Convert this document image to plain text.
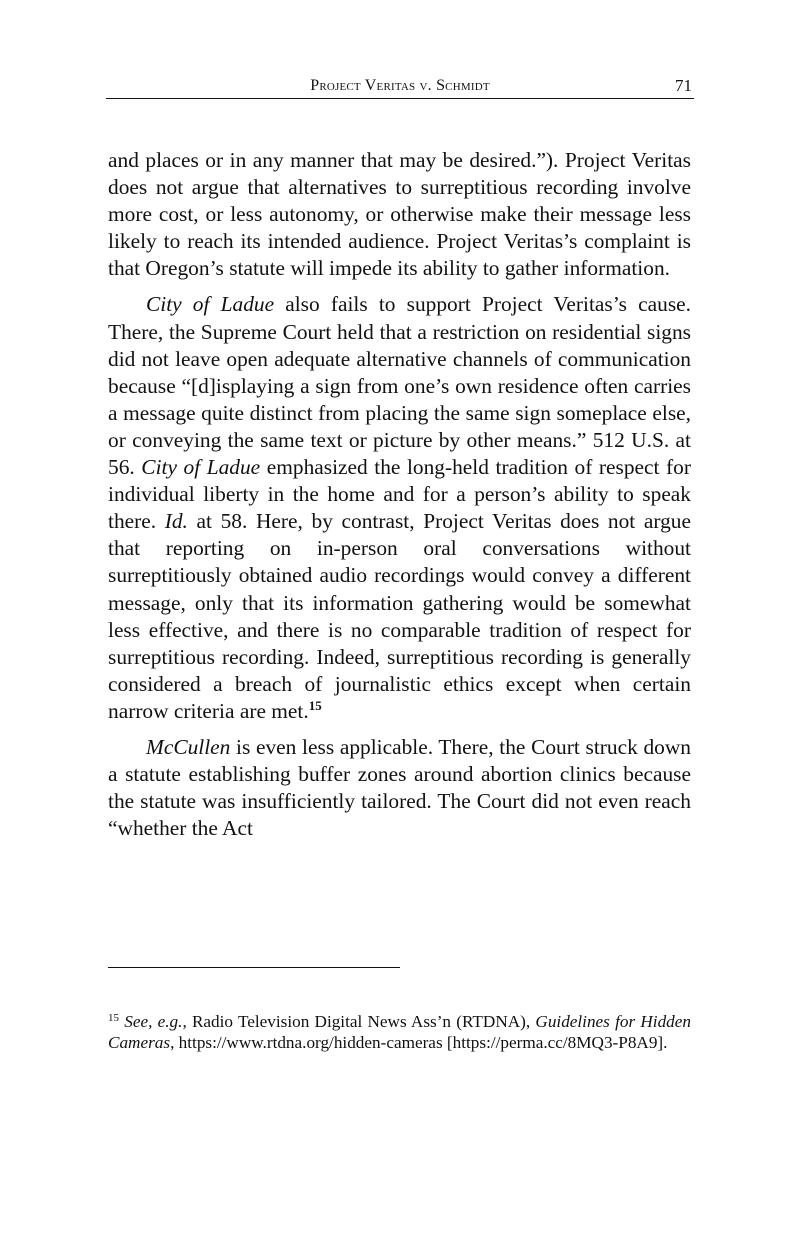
Project Veritas v. Schmidt	71

and places or in any manner that may be desired.”). Project Veritas does not argue that alternatives to surreptitious recording involve more cost, or less autonomy, or otherwise make their message less likely to reach its intended audience. Project Veritas’s complaint is that Oregon’s statute will impede its ability to gather information.

City of Ladue also fails to support Project Veritas’s cause. There, the Supreme Court held that a restriction on residential signs did not leave open adequate alternative channels of communication because “[d]isplaying a sign from one’s own residence often carries a message quite distinct from placing the same sign someplace else, or conveying the same text or picture by other means.” 512 U.S. at 56. City of Ladue emphasized the long-held tradition of respect for individual liberty in the home and for a person’s ability to speak there. Id. at 58. Here, by contrast, Project Veritas does not argue that reporting on in-person oral conversations without surreptitiously obtained audio recordings would convey a different message, only that its information gathering would be somewhat less effective, and there is no comparable tradition of respect for surreptitious recording. Indeed, surreptitious recording is generally considered a breach of journalistic ethics except when certain narrow criteria are met.$^{15}$

McCullen is even less applicable. There, the Court struck down a statute establishing buffer zones around abortion clinics because the statute was insufficiently tailored. The Court did not even reach “whether the Act

$^{15}$ See, e.g., Radio Television Digital News Ass’n (RTDNA), Guidelines for Hidden Cameras, https://www.rtdna.org/hidden-cameras [https://perma.cc/8MQ3-P8A9].
